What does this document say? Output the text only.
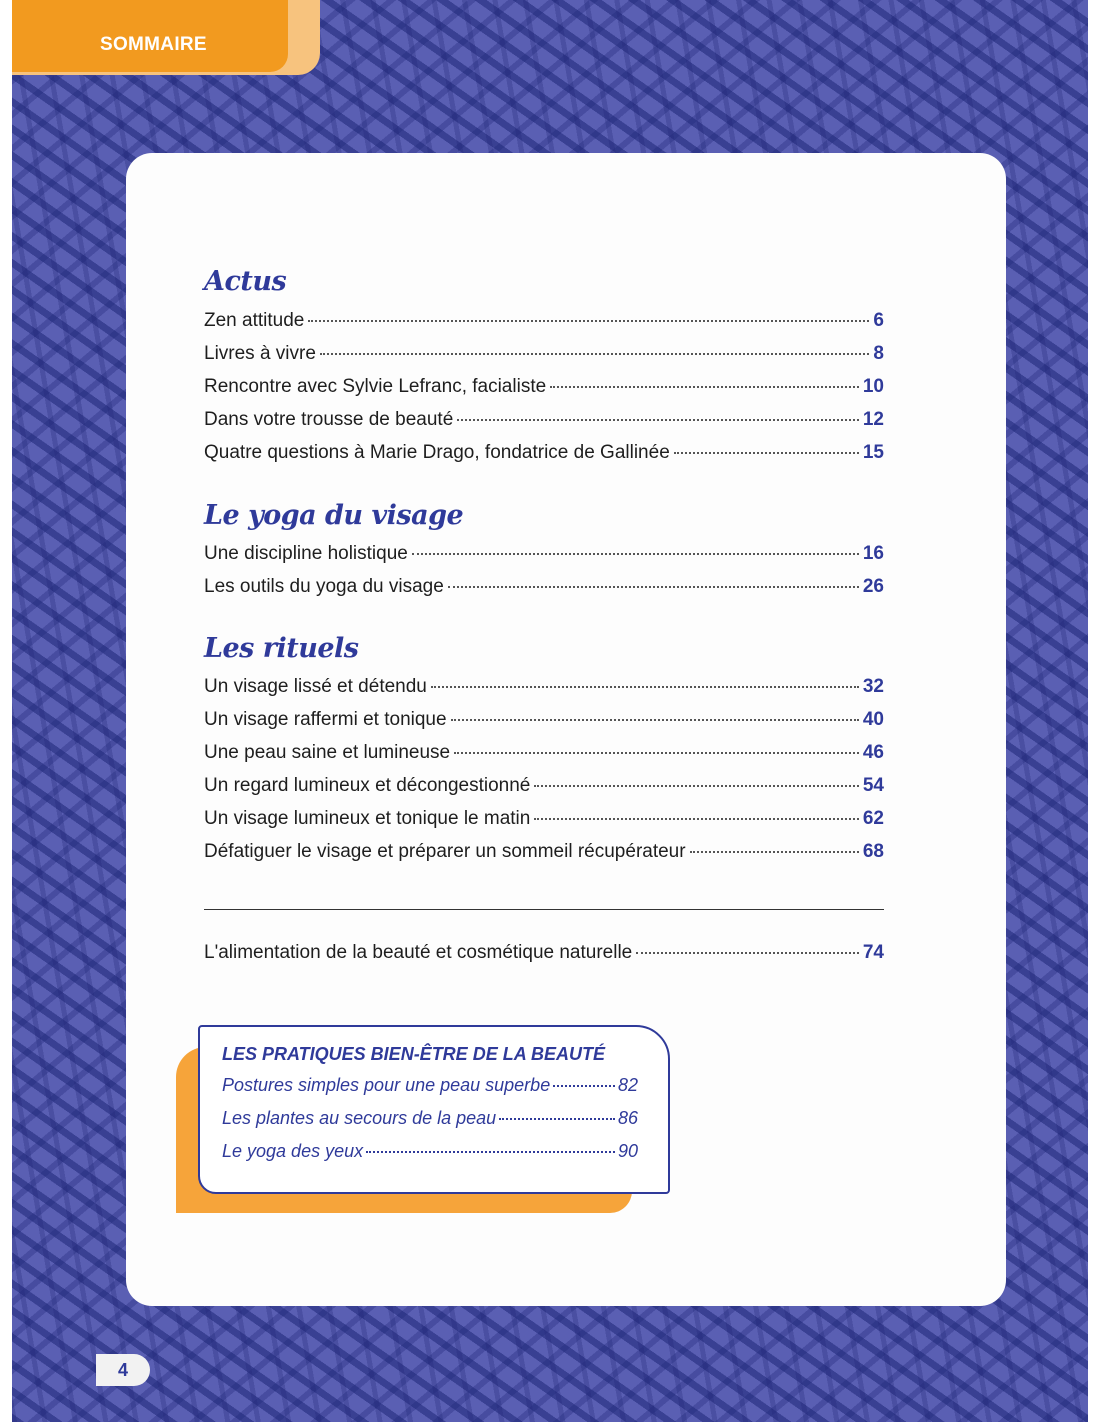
SOMMAIRE
Actus
Zen attitude	6
Livres à vivre	8
Rencontre avec Sylvie Lefranc, facialiste	10
Dans votre trousse de beauté	12
Quatre questions à Marie Drago, fondatrice de Gallinée	15
Le yoga du visage
Une discipline holistique	16
Les outils du yoga du visage	26
Les rituels
Un visage lissé et détendu	32
Un visage raffermi et tonique	40
Une peau saine et lumineuse	46
Un regard lumineux et décongestionné	54
Un visage lumineux et tonique le matin	62
Défatiguer le visage et préparer un sommeil récupérateur	68
L'alimentation de la beauté et cosmétique naturelle	74
LES PRATIQUES BIEN-ÊTRE DE LA BEAUTÉ
Postures simples pour une peau superbe	82
Les plantes au secours de la peau	86
Le yoga des yeux	90
4
